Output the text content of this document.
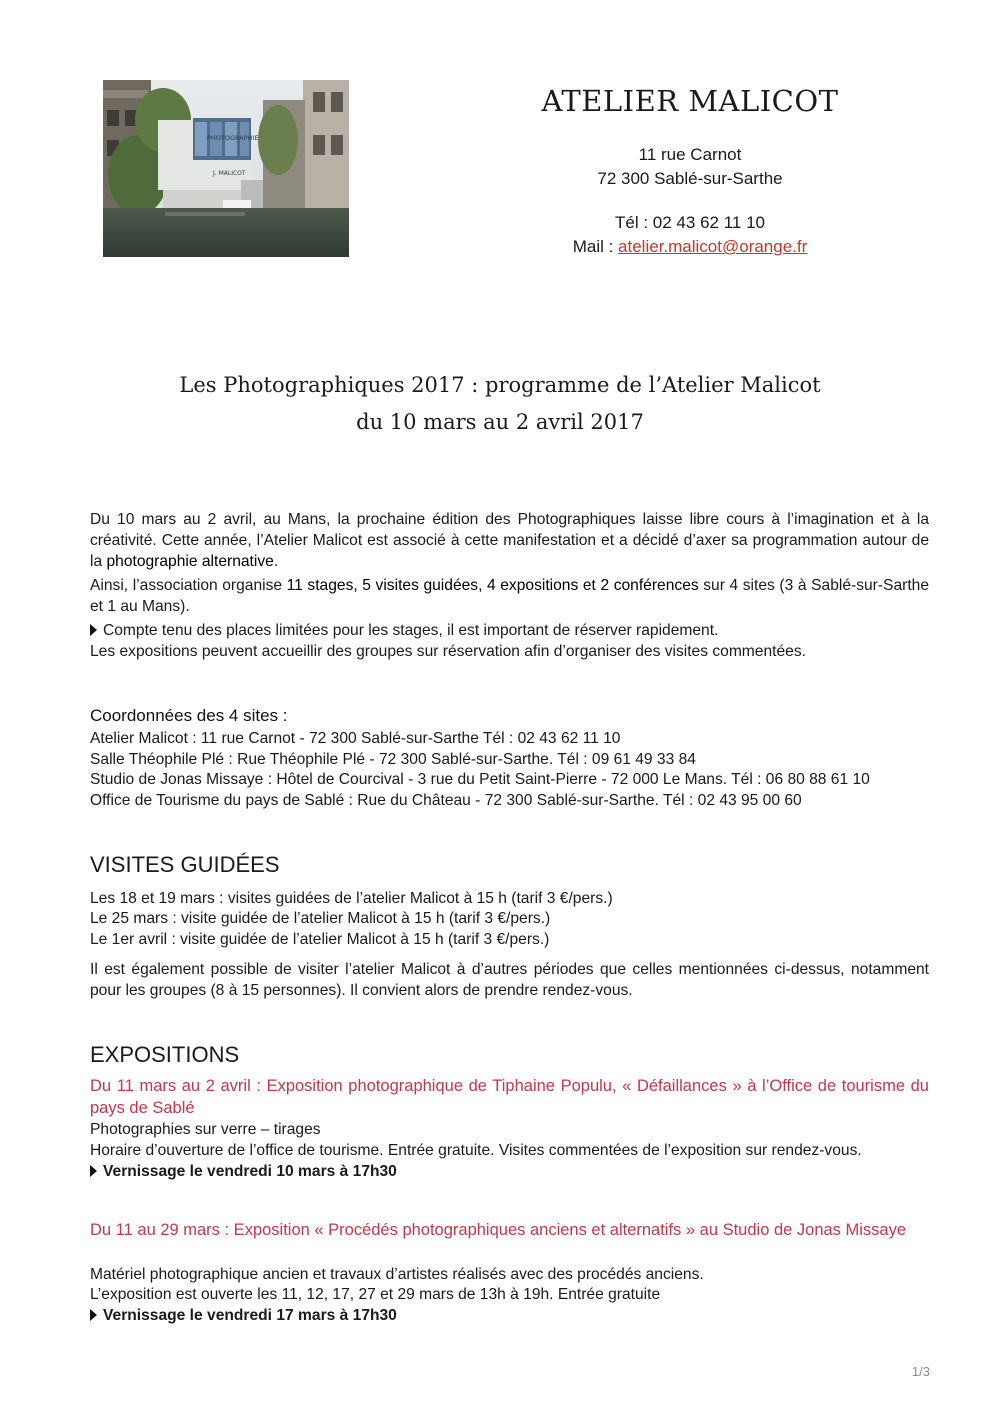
PHOTOGRAPHIE
J. MALICOT
ATELIER MALICOT
11 rue Carnot
72 300 Sablé-sur-Sarthe
Tél : 02 43 62 11 10
Mail : atelier.malicot@orange.fr
Les Photographiques 2017 : programme de l’Atelier Malicot
du 10 mars au 2 avril 2017

Du 10 mars au 2 avril, au Mans, la prochaine édition des Photographiques laisse libre cours à l’imagination et à la créativité. Cette année, l’Atelier Malicot est associé à cette manifestation et a décidé d’axer sa programmation autour de la photographie alternative.

Ainsi, l’association organise 11 stages, 5 visites guidées, 4 expositions et 2 conférences sur 4 sites (3 à Sablé-sur-Sarthe et 1 au Mans).

Compte tenu des places limitées pour les stages, il est important de réserver rapidement.
Les expositions peuvent accueillir des groupes sur réservation afin d’organiser des visites commentées.
Coordonnées des 4 sites :
Atelier Malicot : 11 rue Carnot - 72 300 Sablé-sur-Sarthe Tél : 02 43 62 11 10
Salle Théophile Plé : Rue Théophile Plé - 72 300 Sablé-sur-Sarthe. Tél : 09 61 49 33 84
Studio de Jonas Missaye : Hôtel de Courcival - 3 rue du Petit Saint-Pierre - 72 000 Le Mans. Tél : 06 80 88 61 10
Office de Tourisme du pays de Sablé : Rue du Château - 72 300 Sablé-sur-Sarthe. Tél : 02 43 95 00 60
VISITES GUIDÉES
Les 18 et 19 mars : visites guidées de l’atelier Malicot à 15 h (tarif 3 €/pers.)
Le 25 mars : visite guidée de l’atelier Malicot à 15 h (tarif 3 €/pers.)
Le 1er avril : visite guidée de l’atelier Malicot à 15 h (tarif 3 €/pers.)

Il est également possible de visiter l’atelier Malicot à d’autres périodes que celles mentionnées ci-dessus, notamment pour les groupes (8 à 15 personnes). Il convient alors de prendre rendez-vous.

EXPOSITIONS

Du 11 mars au 2 avril : Exposition photographique de Tiphaine Populu, « Défaillances » à l’Office de tourisme du pays de Sablé

Photographies sur verre – tirages
Horaire d’ouverture de l’office de tourisme. Entrée gratuite. Visites commentées de l’exposition sur rendez-vous.
Vernissage le vendredi 10 mars à 17h30

Du 11 au 29 mars : Exposition « Procédés photographiques anciens et alternatifs » au Studio de Jonas Missaye

Matériel photographique ancien et travaux d’artistes réalisés avec des procédés anciens.
L’exposition est ouverte les 11, 12, 17, 27 et 29 mars de 13h à 19h. Entrée gratuite
Vernissage le vendredi 17 mars à 17h30
1/3
